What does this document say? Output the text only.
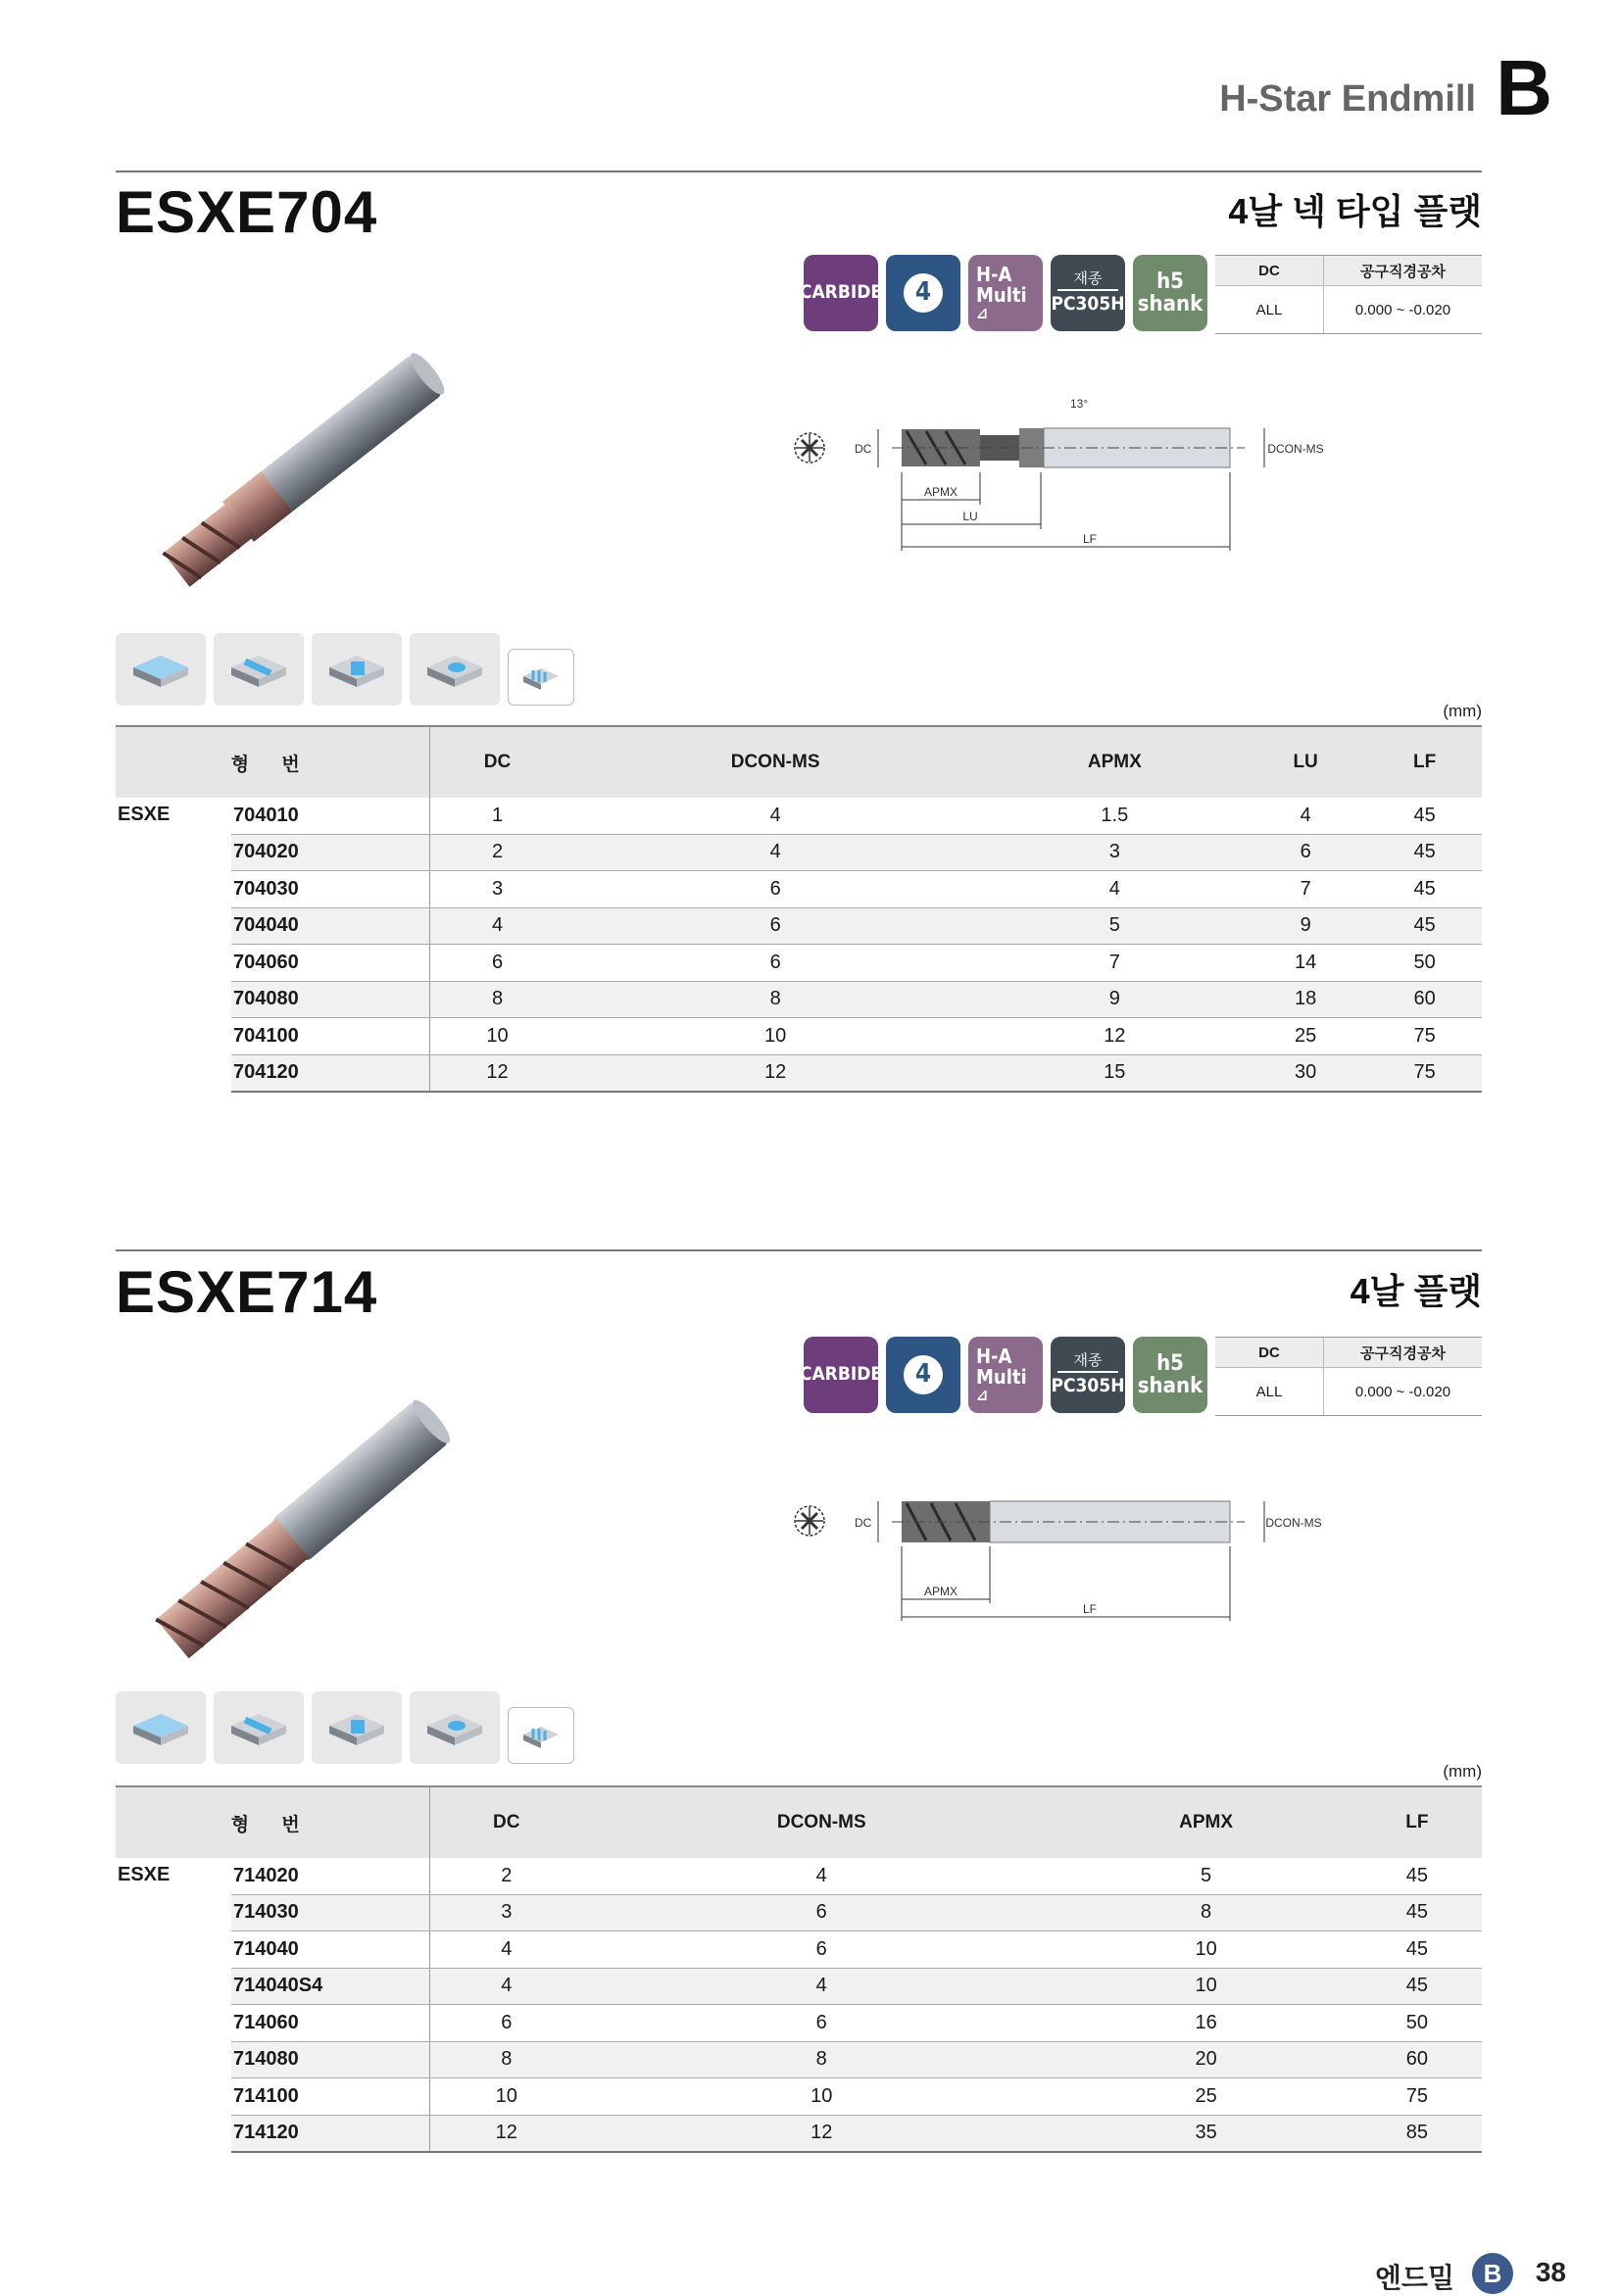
H-Star Endmill B
ESXE704	4날 넥 타입 플랫
CARBIDE	4
H-A
Multi
⊿
재종
PC305H
h5
shank
DC	공구직경공차
ALL	0.000 ~ -0.020
DC	DCON-MS
13°
APMX
LU
LF
(mm)
형 번		DC	DCON-MS	APMX	LU	LF
ESXE	704010	1	4	1.5	4	45
	704020	2	4	3	6	45
	704030	3	6	4	7	45
	704040	4	6	5	9	45
	704060	6	6	7	14	50
	704080	8	8	9	18	60
	704100	10	10	12	25	75
	704120	12	12	15	30	75
ESXE714	4날 플랫
CARBIDE	4
H-A
Multi
⊿
재종
PC305H
h5
shank
DC	공구직경공차
ALL	0.000 ~ -0.020
DC	DCON-MS
APMX
LF
(mm)
형 번		DC	DCON-MS	APMX	LF
ESXE	714020	2	4	5	45
	714030	3	6	8	45
	714040	4	6	10	45
	714040S4	4	4	10	45
	714060	6	6	16	50
	714080	8	8	20	60
	714100	10	10	25	75
	714120	12	12	35	85
엔드밀	B	38
